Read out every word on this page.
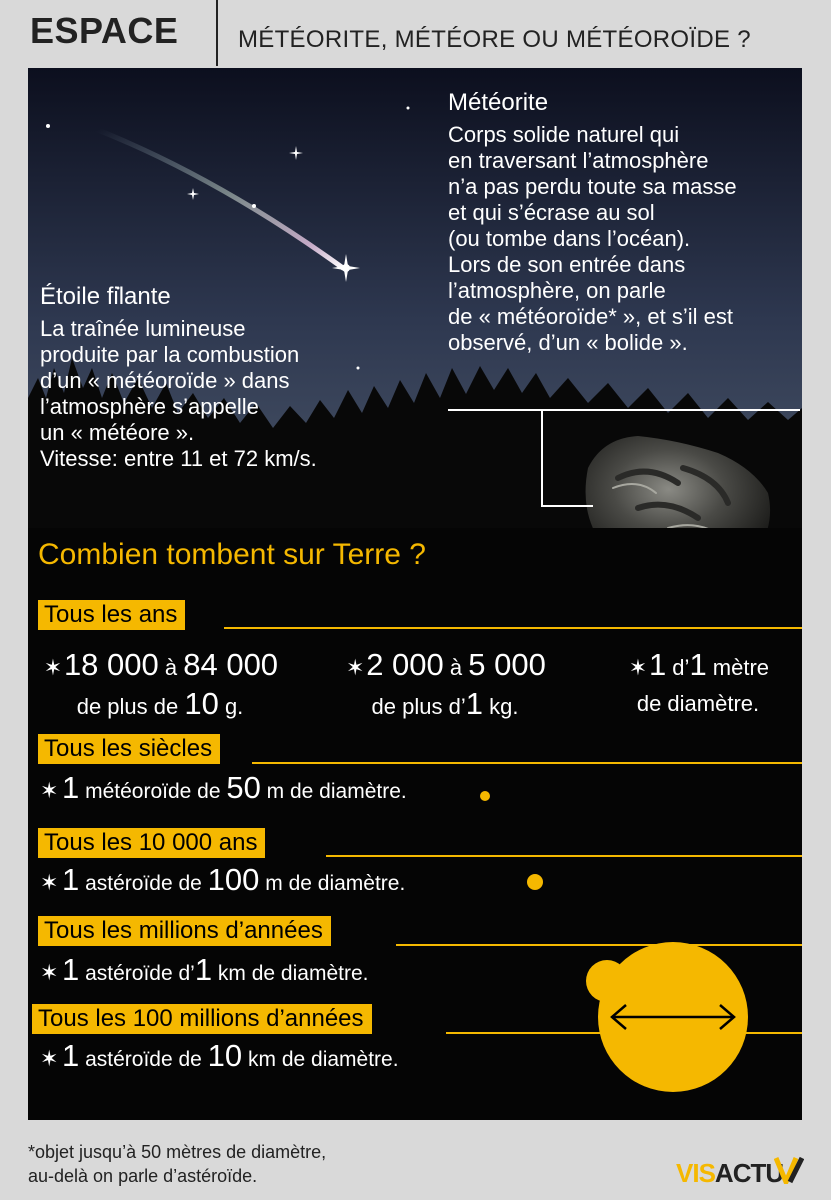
ESPACE MÉTÉORITE, MÉTÉORE OU MÉTÉOROÏDE ?
Météorite
Corps solide naturel qui
en traversant l’atmosphère
n’a pas perdu toute sa masse
et qui s’écrase au sol
(ou tombe dans l’océan).
Lors de son entrée dans
l’atmosphère, on parle
de « météoroïde* », et s’il est
observé, d’un « bolide ».
Étoile filante
La traînée lumineuse
produite par la combustion
d’un « météoroïde » dans
l’atmosphère s’appelle
un « météore ».
Vitesse: entre 11 et 72 km/s.
Combien tombent sur Terre ?
Tous les ans
✶18 000 à 84 000
de plus de 10 g.
✶2 000 à 5 000
de plus d’1 kg.
✶1 d’1 mètre
de diamètre.
Tous les siècles
✶ 1 météoroïde de 50 m de diamètre.
Tous les 10 000 ans
✶ 1 astéroïde de 100 m de diamètre.
Tous les millions d’années
✶ 1 astéroïde d’1 km de diamètre.
Tous les 100 millions d’années
✶ 1 astéroïde de 10 km de diamètre.
*objet jusqu’à 50 mètres de diamètre,
au-delà on parle d’astéroïde.	VISACTU
